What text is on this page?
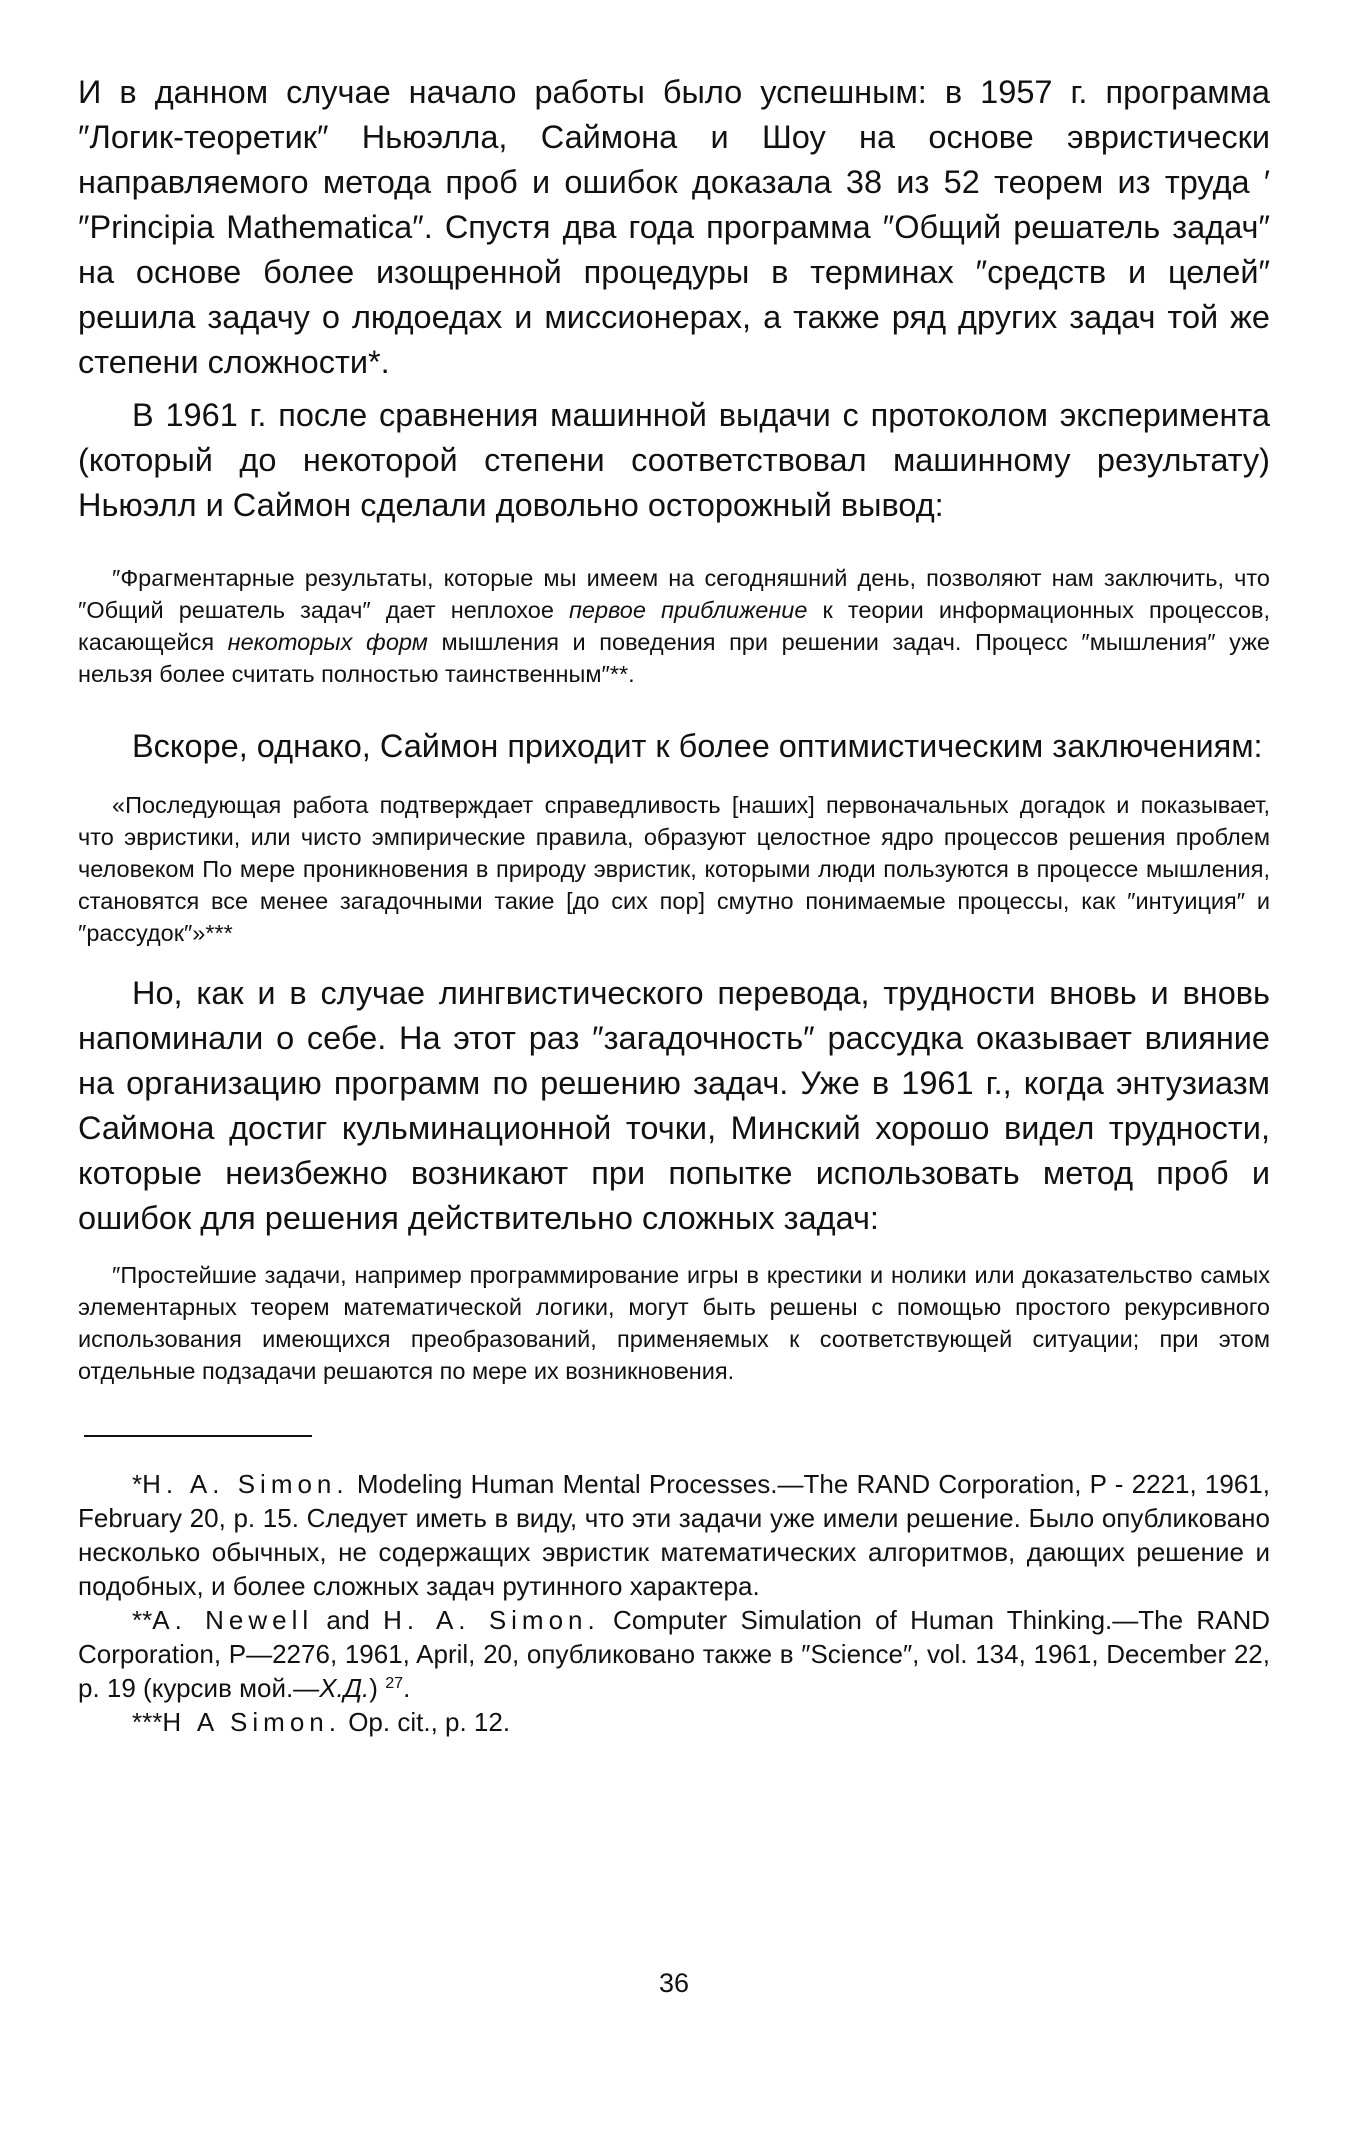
И в данном случае начало работы было успешным: в 1957 г. программа ″Логик-теоретик″ Ньюэлла, Саймона и Шоу на основе эвристически направляемого метода проб и ошибок доказала 38 из 52 теорем из труда ′ ″Principia Mathematica″. Спустя два года программа ″Общий решатель задач″ на основе более изощренной процедуры в терминах ″средств и целей″ решила задачу о людоедах и миссионерах, а также ряд других задач той же степени сложности*.

В 1961 г. после сравнения машинной выдачи с протоколом эксперимента (который до некоторой степени соответствовал машинному результату) Ньюэлл и Саймон сделали довольно осторожный вывод:

″Фрагментарные результаты, которые мы имеем на сегодняшний день, позволяют нам заключить, что ″Общий решатель задач″ дает неплохое первое приближение к теории информационных процессов, касающейся некоторых форм мышления и поведения при решении задач. Процесс ″мышления″ уже нельзя более считать полностью таинственным″**.

Вскоре, однако, Саймон приходит к более оптимистическим заключениям:

«Последующая работа подтверждает справедливость [наших] первоначальных догадок и показывает, что эвристики, или чисто эмпирические правила, образуют целостное ядро процессов решения проблем человеком По мере проникновения в природу эвристик, которыми люди пользуются в процессе мышления, становятся все менее загадочными такие [до сих пор] смутно понимаемые процессы, как ″интуиция″ и ″рассудок″»***

Но, как и в случае лингвистического перевода, трудности вновь и вновь напоминали о себе. На этот раз ″загадочность″ рассудка оказывает влияние на организацию программ по решению задач. Уже в 1961 г., когда энтузиазм Саймона достиг кульминационной точки, Минский хорошо видел трудности, которые неизбежно возникают при попытке использовать метод проб и ошибок для решения действительно сложных задач:

″Простейшие задачи, например программирование игры в крестики и нолики или доказательство самых элементарных теорем математической логики, могут быть решены с помощью простого рекурсивного использования имеющихся преобразований, применяемых к соответствующей ситуации; при этом отдельные подзадачи решаются по мере их возникновения.

*H. A. Simon. Modeling Human Mental Processes.—The RAND Corporation, P - 2221, 1961, February 20, p. 15. Следует иметь в виду, что эти задачи уже имели решение. Было опубликовано несколько обычных, не содержащих эвристик математических алгоритмов, дающих решение и подобных, и более сложных задач рутинного характера.

**A. Newell and H. A. Simon. Computer Simulation of Human Thinking.—The RAND Corporation, P—2276, 1961, April, 20, опубликовано также в ″Science″, vol. 134, 1961, December 22, p. 19 (курсив мой.—Х.Д.) $^{27}$.

***H A Simon. Op. cit., p. 12.

36
